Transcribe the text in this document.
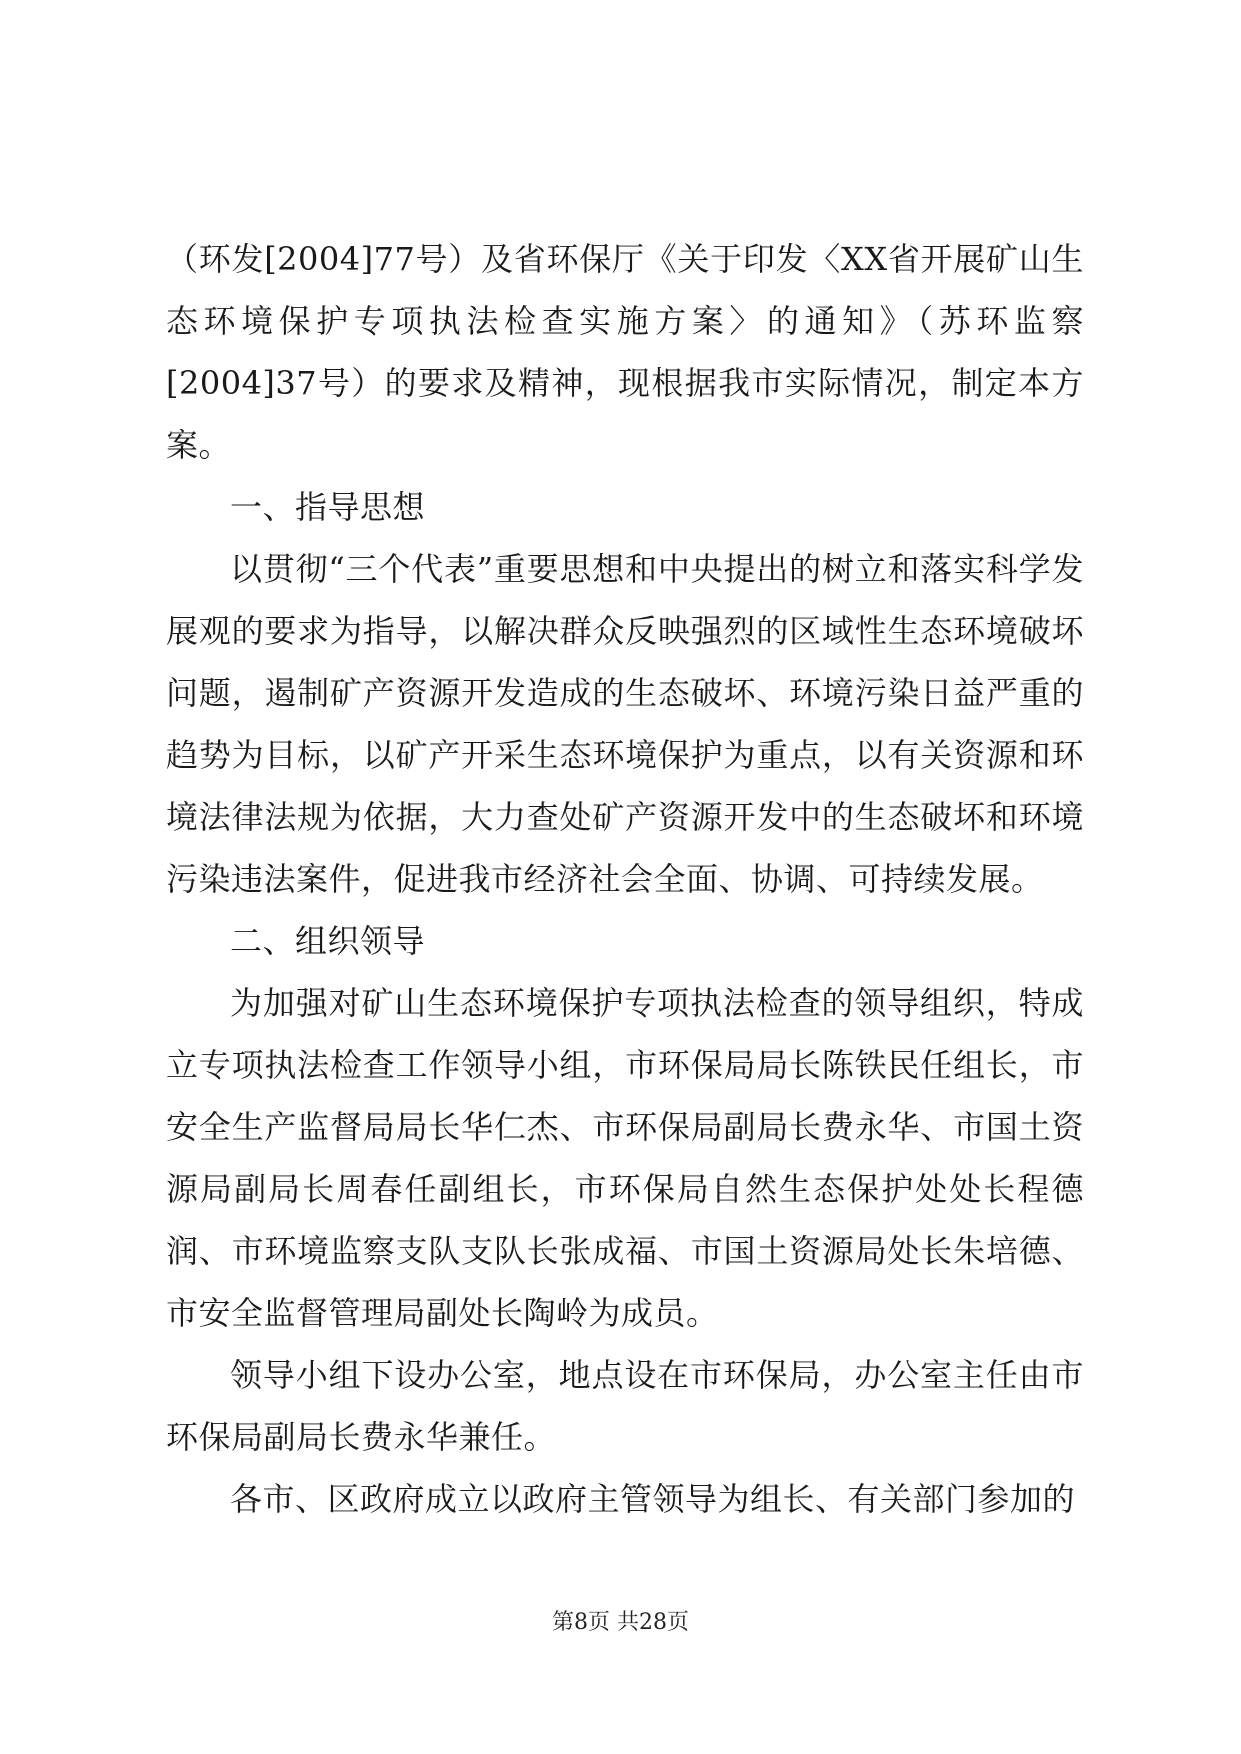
（环发[2004]77号）及省环保厅《关于印发〈XX省开展矿山生态环境保护专项执法检查实施方案〉的通知》（苏环监察[2004]37号）的要求及精神，现根据我市实际情况，制定本方案。

一、指导思想

以贯彻“三个代表”重要思想和中央提出的树立和落实科学发展观的要求为指导，以解决群众反映强烈的区域性生态环境破坏问题，遏制矿产资源开发造成的生态破坏、环境污染日益严重的趋势为目标，以矿产开采生态环境保护为重点，以有关资源和环境法律法规为依据，大力查处矿产资源开发中的生态破坏和环境污染违法案件，促进我市经济社会全面、协调、可持续发展。

二、组织领导

为加强对矿山生态环境保护专项执法检查的领导组织，特成立专项执法检查工作领导小组，市环保局局长陈铁民任组长，市安全生产监督局局长华仁杰、市环保局副局长费永华、市国土资源局副局长周春任副组长，市环保局自然生态保护处处长程德润、市环境监察支队支队长张成福、市国土资源局处长朱培德、市安全监督管理局副处长陶岭为成员。

领导小组下设办公室，地点设在市环保局，办公室主任由市环保局副局长费永华兼任。

各市、区政府成立以政府主管领导为组长、有关部门参加的

第8页 共28页
